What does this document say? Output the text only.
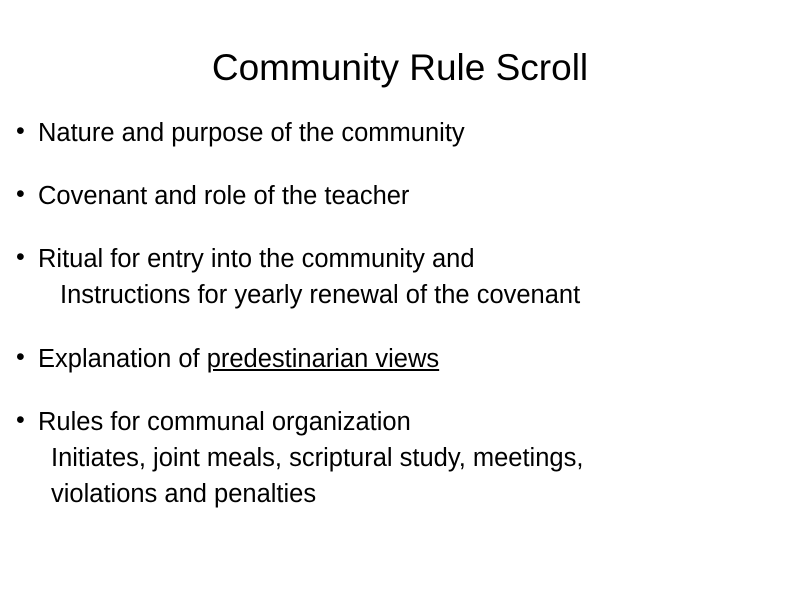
Community Rule Scroll
• Nature and purpose of the community
• Covenant and role of the teacher
• Ritual for entry into the community and
Instructions for yearly renewal of the covenant
• Explanation of predestinarian views
• Rules for communal organization
Initiates, joint meals, scriptural study, meetings,
violations and penalties
